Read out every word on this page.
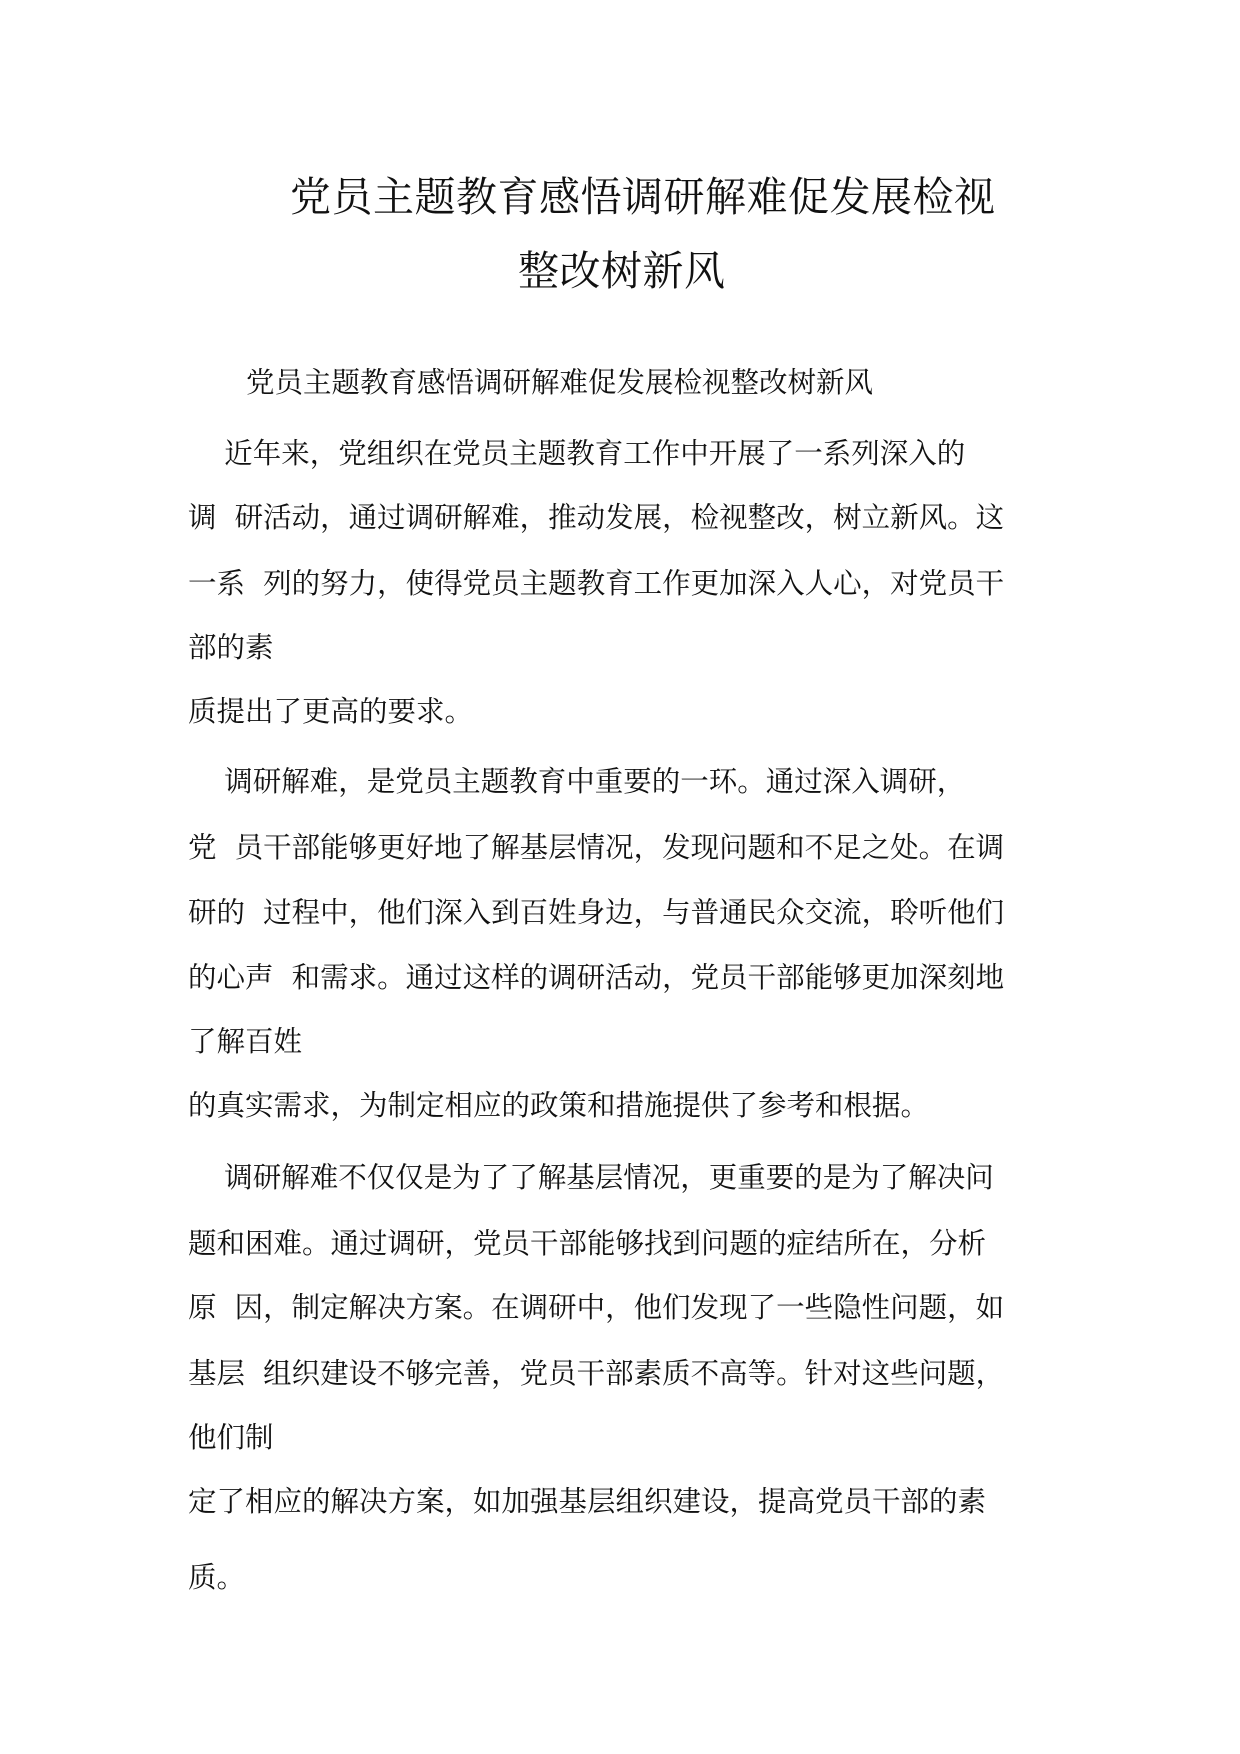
党员主题教育感悟调研解难促发展检视
整改树新风

党员主题教育感悟调研解难促发展检视整改树新风

近年来，党组织在党员主题教育工作中开展了一系列深入的

调  研活动，通过调研解难，推动发展，检视整改，树立新风。这

一系  列的努力，使得党员主题教育工作更加深入人心，对党员干

部的素

质提出了更高的要求。

调研解难，是党员主题教育中重要的一环。通过深入调研，

党  员干部能够更好地了解基层情况，发现问题和不足之处。在调

研的  过程中，他们深入到百姓身边，与普通民众交流，聆听他们

的心声  和需求。通过这样的调研活动，党员干部能够更加深刻地

了解百姓

的真实需求，为制定相应的政策和措施提供了参考和根据。

调研解难不仅仅是为了了解基层情况，更重要的是为了解决问

题和困难。通过调研，党员干部能够找到问题的症结所在，分析

原  因，制定解决方案。在调研中，他们发现了一些隐性问题，如

基层  组织建设不够完善，党员干部素质不高等。针对这些问题，

他们制

定了相应的解决方案，如加强基层组织建设，提高党员干部的素

质。
